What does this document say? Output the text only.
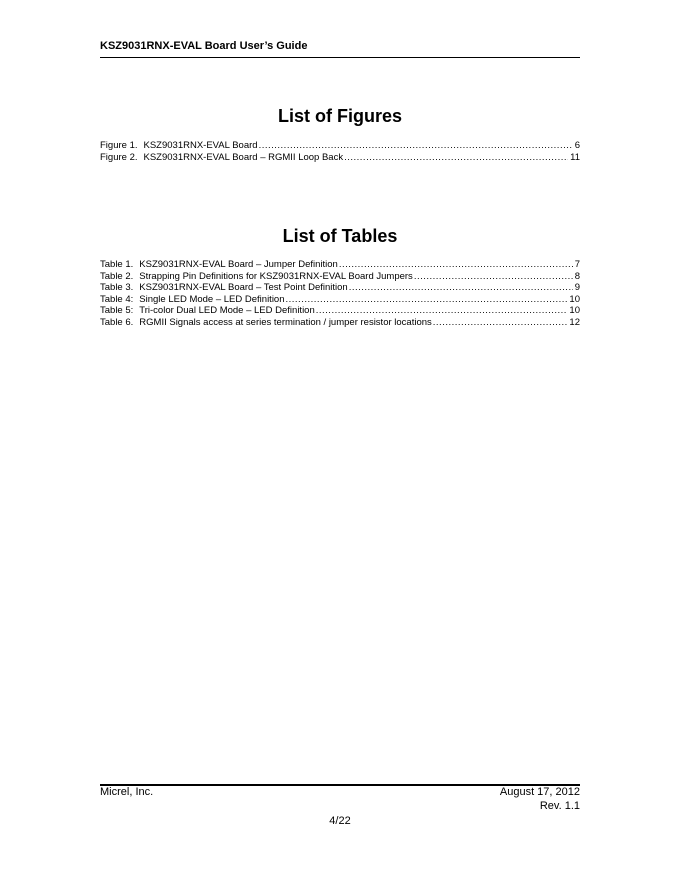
KSZ9031RNX-EVAL Board User’s Guide
List of Figures
Figure 1. KSZ9031RNX-EVAL Board .....	6
Figure 2. KSZ9031RNX-EVAL Board – RGMII Loop Back .....	11
List of Tables
Table 1. KSZ9031RNX-EVAL Board – Jumper Definition .....	7
Table 2. Strapping Pin Definitions for KSZ9031RNX-EVAL Board Jumpers .....	8
Table 3. KSZ9031RNX-EVAL Board – Test Point Definition .....	9
Table 4: Single LED Mode – LED Definition .....	10
Table 5: Tri-color Dual LED Mode – LED Definition .....	10
Table 6. RGMII Signals access at series termination / jumper resistor locations .....	12
Micrel, Inc.	August 17, 2012
Rev. 1.1
4/22
